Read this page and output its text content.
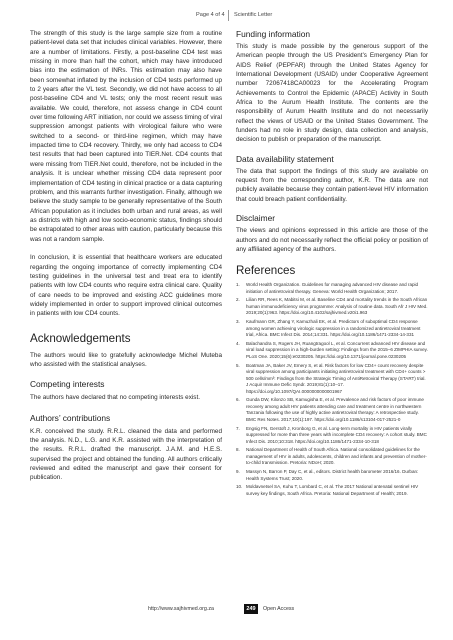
Page 4 of 4 Scientific Letter

The strength of this study is the large sample size from a routine patient-level data set that includes clinical variables. However, there are a number of limitations. Firstly, a post-baseline CD4 test was missing in more than half the cohort, which may have introduced bias into the estimation of INRs. This estimation may also have been somewhat inflated by the inclusion of CD4 tests performed up to 2 years after the VL test. Secondly, we did not have access to all post-baseline CD4 and VL tests; only the most recent result was available. We could, therefore, not assess change in CD4 count over time following ART initiation, nor could we assess timing of viral suppression amongst patients with virological failure who were switched to a second- or third-line regimen, which may have impacted time to CD4 recovery. Thirdly, we only had access to CD4 test results that had been captured into TIER.Net. CD4 counts that were missing from TIER.Net could, therefore, not be included in the analysis. It is unclear whether missing CD4 data represent poor implementation of CD4 testing in clinical practice or a data capturing problem, and this warrants further investigation. Finally, although we believe the study sample to be generally representative of the South African population as it includes both urban and rural areas, as well as districts with high and low socio-economic status, findings should be extrapolated to other areas with caution, particularly because this was not a random sample.

In conclusion, it is essential that healthcare workers are educated regarding the ongoing importance of correctly implementing CD4 testing guidelines in the universal test and treat era to identify patients with low CD4 counts who require extra clinical care. Quality of care needs to be improved and existing ACC guidelines more widely implemented in order to support improved clinical outcomes in patients with low CD4 counts.

Acknowledgements

The authors would like to gratefully acknowledge Michel Muteba who assisted with the statistical analyses.

Competing interests

The authors have declared that no competing interests exist.

Authors’ contributions

K.R. conceived the study. R.R.L. cleaned the data and performed the analysis. N.D., L.G. and K.R. assisted with the interpretation of the results. R.R.L. drafted the manuscript. J.A.M. and H.E.S. supervised the project and obtained the funding. All authors critically reviewed and edited the manuscript and gave their consent for publication.

Funding information

This study is made possible by the generous support of the American people through the US President’s Emergency Plan for AIDS Relief (PEPFAR) through the United States Agency for International Development (USAID) under Cooperative Agreement number 72067418CA00023 for the Accelerating Program Achievements to Control the Epidemic (APACE) Activity in South Africa to the Aurum Health Institute. The contents are the responsibility of Aurum Health Institute and do not necessarily reflect the views of USAID or the United States Government. The funders had no role in study design, data collection and analysis, decision to publish or preparation of the manuscript.

Data availability statement

The data that support the findings of this study are available on request from the corresponding author, K.R. The data are not publicly available because they contain patient-level HIV information that could breach patient confidentiality.

Disclaimer

The views and opinions expressed in this article are those of the authors and do not necessarily reflect the official policy or position of any affiliated agency of the authors.

References
1. World Health Organization. Guidelines for managing advanced HIV disease and rapid initiation of antiretroviral therapy. Geneva: World Health Organization; 2017.
2. Lilian RR, Rees K, Mabitsi M, et al. Baseline CD4 and mortality trends in the South African human immunodeficiency virus programme: Analysis of routine data. South Afr J HIV Med. 2019;20(1):963. https://doi.org/10.4102/sajhivmed.v20i1.963
3. Kaufmann GR, Zhang Y, Kamuzhali EK, et al. Predictors of suboptimal CD4 response among women achieving virologic suppression in a randomized antiretroviral treatment trial, Africa. BMC Infect Dis. 2014;14:331. https://doi.org/10.1186/1471-2334-14-331
4. Balachandra S, Rogers JH, Ruangtragool L, et al. Concurrent advanced HIV disease and viral load suppression in a high-burden setting: Findings from the 2015–6 ZIMPHIA survey. PLoS One. 2020;15(6):e0230205. https://doi.org/10.1371/journal.pone.0230205
5. Boatman JA, Baker JV, Emery S, et al. Risk factors for low CD4+ count recovery despite viral suppression among participants initiating antiretroviral treatment with CD4+ counts > 500 cells/mm³: Findings from the Strategic Timing of AntiRetroviral Therapy (START) trial. J Acquir Immune Defic Syndr. 2019;81(1):10–17. https://doi.org/10.1097/QAI.0000000000001967
6. Gunda DW, Kilonzo SB, Kamugisha E, et al. Prevalence and risk factors of poor immune recovery among adult HIV patients attending care and treatment centre in northwestern Tanzania following the use of highly active antiretroviral therapy: A retrospective study. BMC Res Notes. 2017;10(1):197. https://doi.org/10.1186/s13104-017-2521-0
7. Engsig FN, Gerstoft J, Kronborg G, et al. Long-term mortality in HIV patients virally suppressed for more than three years with incomplete CD4 recovery: A cohort study. BMC Infect Dis. 2010;10:318. https://doi.org/10.1186/1471-2334-10-318
8. National Department of Health of South Africa. National consolidated guidelines for the management of HIV in adults, adolescents, children and infants and prevention of mother-to-child transmission. Pretoria: NDoH; 2020.
9. Massyn N, Barron P, Day C, et al., editors. District health barometer 2016/16. Durban: Health Systems Trust; 2020.
10. Moldavnetsel SA, Kuhu T, Lombard C, et al. The 2017 National antenatal sentinel HIV survey key findings, South Africa. Pretoria: National Department of Health; 2019.
http://www.sajhivmed.org.za	249	Open Access
